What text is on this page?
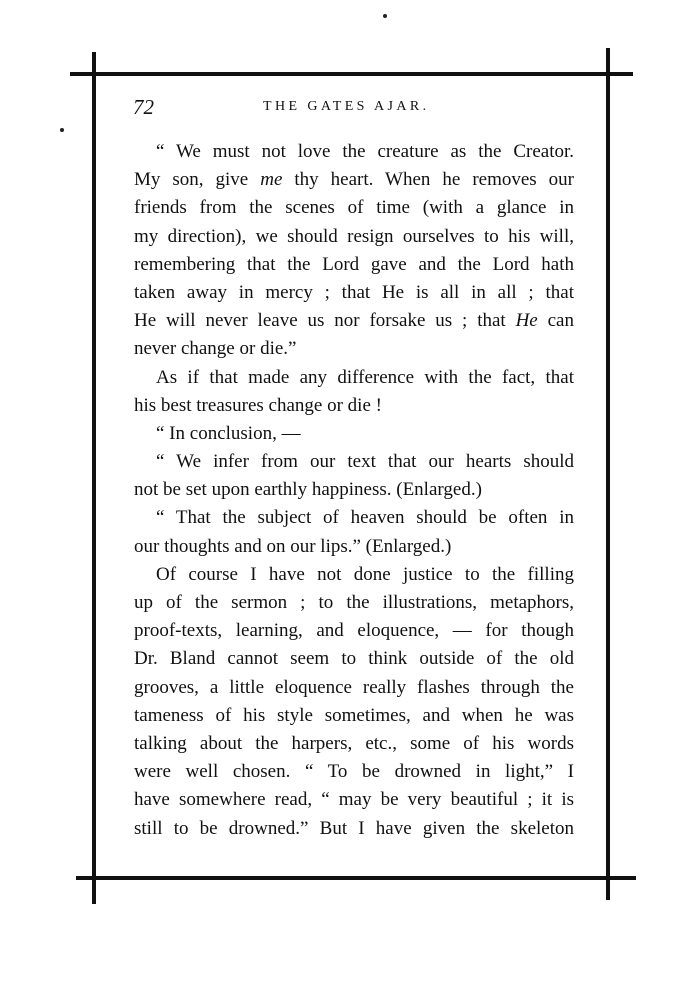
72	THE GATES AJAR.
“ We must not love the creature as the Creator.
My son, give me thy heart. When he removes our
friends from the scenes of time (with a glance in
my direction), we should resign ourselves to his will,
remembering that the Lord gave and the Lord hath
taken away in mercy ; that He is all in all ; that
He will never leave us nor forsake us ; that He can
never change or die.”
As if that made any difference with the fact, that
his best treasures change or die !
“ In conclusion, —
“ We infer from our text that our hearts should
not be set upon earthly happiness. (Enlarged.)
“ That the subject of heaven should be often in
our thoughts and on our lips.” (Enlarged.)
Of course I have not done justice to the filling
up of the sermon ; to the illustrations, metaphors,
proof-texts, learning, and eloquence, — for though
Dr. Bland cannot seem to think outside of the old
grooves, a little eloquence really flashes through the
tameness of his style sometimes, and when he was
talking about the harpers, etc., some of his words
were well chosen. “ To be drowned in light,” I
have somewhere read, “ may be very beautiful ; it is
still to be drowned.” But I have given the skeleton
